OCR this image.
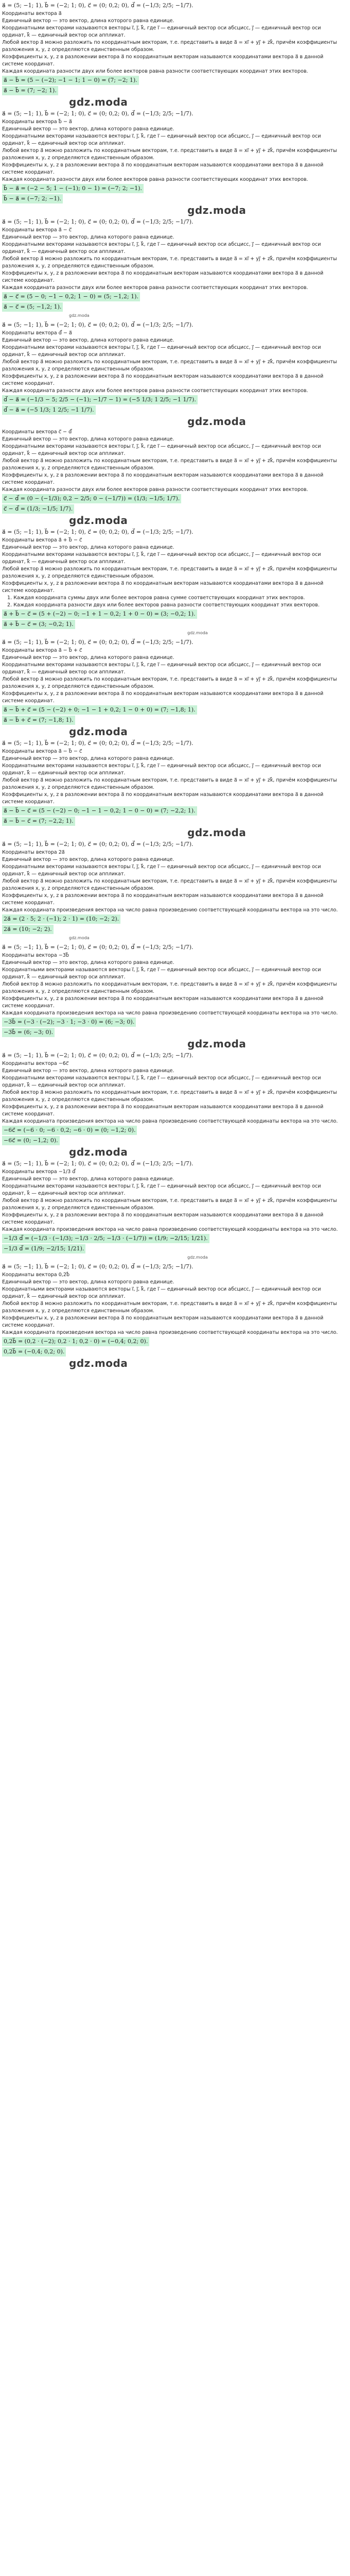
a⃗ = (5; −1; 1), b⃗ = (−2; 1; 0), c⃗ = (0; 0,2; 0), d⃗ = (−1/3; 2/5; −1/7).
Координаты вектора a⃗
Единичный вектор — это вектор, длина которого равна единице.
Координатными векторами называются векторы i⃗, j⃗, k⃗, где i⃗ — единичный вектор оси абсцисс, j⃗ — единичный вектор оси ординат, k⃗ — единичный вектор оси аппликат.
Любой вектор a⃗ можно разложить по координатным векторам, т.е. представить в виде a⃗ = xi⃗ + yj⃗ + zk⃗, причём коэффициенты разложения x, y, z определяются единственным образом.
Коэффициенты x, y, z в разложении вектора a⃗ по координатным векторам называются координатами вектора a⃗ в данной системе координат.
Каждая координата разности двух или более векторов равна разности соответствующих координат этих векторов.
a⃗ − b⃗ = (5 − (−2); −1 − 1; 1 − 0) = (7; −2; 1).
a⃗ − b⃗ = (7; −2; 1).
gdz.moda
a⃗ = (5; −1; 1), b⃗ = (−2; 1; 0), c⃗ = (0; 0,2; 0), d⃗ = (−1/3; 2/5; −1/7).
Координаты вектора b⃗ − a⃗
Единичный вектор — это вектор, длина которого равна единице.
Координатными векторами называются векторы i⃗, j⃗, k⃗, где i⃗ — единичный вектор оси абсцисс, j⃗ — единичный вектор оси ординат, k⃗ — единичный вектор оси аппликат.
Любой вектор a⃗ можно разложить по координатным векторам, т.е. представить в виде a⃗ = xi⃗ + yj⃗ + zk⃗, причём коэффициенты разложения x, y, z определяются единственным образом.
Коэффициенты x, y, z в разложении вектора a⃗ по координатным векторам называются координатами вектора a⃗ в данной системе координат.
Каждая координата разности двух или более векторов равна разности соответствующих координат этих векторов.
b⃗ − a⃗ = (−2 − 5; 1 − (−1); 0 − 1) = (−7; 2; −1).
b⃗ − a⃗ = (−7; 2; −1).
gdz.moda
a⃗ = (5; −1; 1), b⃗ = (−2; 1; 0), c⃗ = (0; 0,2; 0), d⃗ = (−1/3; 2/5; −1/7).
Координаты вектора a⃗ − c⃗
Единичный вектор — это вектор, длина которого равна единице.
Координатными векторами называются векторы i⃗, j⃗, k⃗, где i⃗ — единичный вектор оси абсцисс, j⃗ — единичный вектор оси ординат, k⃗ — единичный вектор оси аппликат.
Любой вектор a⃗ можно разложить по координатным векторам, т.е. представить в виде a⃗ = xi⃗ + yj⃗ + zk⃗, причём коэффициенты разложения x, y, z определяются единственным образом.
Коэффициенты x, y, z в разложении вектора a⃗ по координатным векторам называются координатами вектора a⃗ в данной системе координат.
Каждая координата разности двух или более векторов равна разности соответствующих координат этих векторов.
a⃗ − c⃗ = (5 − 0; −1 − 0,2; 1 − 0) = (5; −1,2; 1).
a⃗ − c⃗ = (5; −1,2; 1).
gdz.moda
a⃗ = (5; −1; 1), b⃗ = (−2; 1; 0), c⃗ = (0; 0,2; 0), d⃗ = (−1/3; 2/5; −1/7).
Координаты вектора d⃗ − a⃗
Единичный вектор — это вектор, длина которого равна единице.
Координатными векторами называются векторы i⃗, j⃗, k⃗, где i⃗ — единичный вектор оси абсцисс, j⃗ — единичный вектор оси ординат, k⃗ — единичный вектор оси аппликат.
Любой вектор a⃗ можно разложить по координатным векторам, т.е. представить в виде a⃗ = xi⃗ + yj⃗ + zk⃗, причём коэффициенты разложения x, y, z определяются единственным образом.
Коэффициенты x, y, z в разложении вектора a⃗ по координатным векторам называются координатами вектора a⃗ в данной системе координат.
Каждая координата разности двух или более векторов равна разности соответствующих координат этих векторов.
d⃗ − a⃗ = (−1/3 − 5; 2/5 − (−1); −1/7 − 1) = (−5 1/3; 1 2/5; −1 1/7).
d⃗ − a⃗ = (−5 1/3; 1 2/5; −1 1/7).
gdz.moda
Координаты вектора c⃗ − d⃗
Единичный вектор — это вектор, длина которого равна единице.
Координатными векторами называются векторы i⃗, j⃗, k⃗, где i⃗ — единичный вектор оси абсцисс, j⃗ — единичный вектор оси ординат, k⃗ — единичный вектор оси аппликат.
Любой вектор a⃗ можно разложить по координатным векторам, т.е. представить в виде a⃗ = xi⃗ + yj⃗ + zk⃗, причём коэффициенты разложения x, y, z определяются единственным образом.
Коэффициенты x, y, z в разложении вектора a⃗ по координатным векторам называются координатами вектора a⃗ в данной системе координат.
Каждая координата разности двух или более векторов равна разности соответствующих координат этих векторов.
c⃗ − d⃗ = (0 − (−1/3); 0,2 − 2/5; 0 − (−1/7)) = (1/3; −1/5; 1/7).
c⃗ − d⃗ = (1/3; −1/5; 1/7).
gdz.moda
a⃗ = (5; −1; 1), b⃗ = (−2; 1; 0), c⃗ = (0; 0,2; 0), d⃗ = (−1/3; 2/5; −1/7).
Координаты вектора a⃗ + b⃗ − c⃗
Единичный вектор — это вектор, длина которого равна единице.
Координатными векторами называются векторы i⃗, j⃗, k⃗, где i⃗ — единичный вектор оси абсцисс, j⃗ — единичный вектор оси ординат, k⃗ — единичный вектор оси аппликат.
Любой вектор a⃗ можно разложить по координатным векторам, т.е. представить в виде a⃗ = xi⃗ + yj⃗ + zk⃗, причём коэффициенты разложения x, y, z определяются единственным образом.
Коэффициенты x, y, z в разложении вектора a⃗ по координатным векторам называются координатами вектора a⃗ в данной системе координат.
1. Каждая координата суммы двух или более векторов равна сумме соответствующих координат этих векторов.
2. Каждая координата разности двух или более векторов равна разности соответствующих координат этих векторов.
a⃗ + b⃗ − c⃗ = (5 + (−2) − 0; −1 + 1 − 0,2; 1 + 0 − 0) = (3; −0,2; 1).
a⃗ + b⃗ − c⃗ = (3; −0,2; 1).
gdz.moda
a⃗ = (5; −1; 1), b⃗ = (−2; 1; 0), c⃗ = (0; 0,2; 0), d⃗ = (−1/3; 2/5; −1/7).
Координаты вектора a⃗ − b⃗ + c⃗
Единичный вектор — это вектор, длина которого равна единице.
Координатными векторами называются векторы i⃗, j⃗, k⃗, где i⃗ — единичный вектор оси абсцисс, j⃗ — единичный вектор оси ординат, k⃗ — единичный вектор оси аппликат.
Любой вектор a⃗ можно разложить по координатным векторам, т.е. представить в виде a⃗ = xi⃗ + yj⃗ + zk⃗, причём коэффициенты разложения x, y, z определяются единственным образом.
Коэффициенты x, y, z в разложении вектора a⃗ по координатным векторам называются координатами вектора a⃗ в данной системе координат.
a⃗ − b⃗ + c⃗ = (5 − (−2) + 0; −1 − 1 + 0,2; 1 − 0 + 0) = (7; −1,8; 1).
a⃗ − b⃗ + c⃗ = (7; −1,8; 1).
gdz.moda
a⃗ = (5; −1; 1), b⃗ = (−2; 1; 0), c⃗ = (0; 0,2; 0), d⃗ = (−1/3; 2/5; −1/7).
Координаты вектора a⃗ − b⃗ − c⃗
Единичный вектор — это вектор, длина которого равна единице.
Координатными векторами называются векторы i⃗, j⃗, k⃗, где i⃗ — единичный вектор оси абсцисс, j⃗ — единичный вектор оси ординат, k⃗ — единичный вектор оси аппликат.
Любой вектор a⃗ можно разложить по координатным векторам, т.е. представить в виде a⃗ = xi⃗ + yj⃗ + zk⃗, причём коэффициенты разложения x, y, z определяются единственным образом.
Коэффициенты x, y, z в разложении вектора a⃗ по координатным векторам называются координатами вектора a⃗ в данной системе координат.
a⃗ − b⃗ − c⃗ = (5 − (−2) − 0; −1 − 1 − 0,2; 1 − 0 − 0) = (7; −2,2; 1).
a⃗ − b⃗ − c⃗ = (7; −2,2; 1).
gdz.moda
a⃗ = (5; −1; 1), b⃗ = (−2; 1; 0), c⃗ = (0; 0,2; 0), d⃗ = (−1/3; 2/5; −1/7).
Координаты вектора 2a⃗
Единичный вектор — это вектор, длина которого равна единице.
Координатными векторами называются векторы i⃗, j⃗, k⃗, где i⃗ — единичный вектор оси абсцисс, j⃗ — единичный вектор оси ординат, k⃗ — единичный вектор оси аппликат.
Любой вектор a⃗ можно разложить по координатным векторам, т.е. представить в виде a⃗ = xi⃗ + yj⃗ + zk⃗, причём коэффициенты разложения x, y, z определяются единственным образом.
Коэффициенты x, y, z в разложении вектора a⃗ по координатным векторам называются координатами вектора a⃗ в данной системе координат.
Каждая координата произведения вектора на число равна произведению соответствующей координаты вектора на это число.
2a⃗ = (2 · 5; 2 · (−1); 2 · 1) = (10; −2; 2).
2a⃗ = (10; −2; 2).
gdz.moda
a⃗ = (5; −1; 1), b⃗ = (−2; 1; 0), c⃗ = (0; 0,2; 0), d⃗ = (−1/3; 2/5; −1/7).
Координаты вектора −3b⃗
Единичный вектор — это вектор, длина которого равна единице.
Координатными векторами называются векторы i⃗, j⃗, k⃗, где i⃗ — единичный вектор оси абсцисс, j⃗ — единичный вектор оси ординат, k⃗ — единичный вектор оси аппликат.
Любой вектор a⃗ можно разложить по координатным векторам, т.е. представить в виде a⃗ = xi⃗ + yj⃗ + zk⃗, причём коэффициенты разложения x, y, z определяются единственным образом.
Коэффициенты x, y, z в разложении вектора a⃗ по координатным векторам называются координатами вектора a⃗ в данной системе координат.
Каждая координата произведения вектора на число равна произведению соответствующей координаты вектора на это число.
−3b⃗ = (−3 · (−2); −3 · 1; −3 · 0) = (6; −3; 0).
−3b⃗ = (6; −3; 0).
gdz.moda
a⃗ = (5; −1; 1), b⃗ = (−2; 1; 0), c⃗ = (0; 0,2; 0), d⃗ = (−1/3; 2/5; −1/7).
Координаты вектора −6c⃗
Единичный вектор — это вектор, длина которого равна единице.
Координатными векторами называются векторы i⃗, j⃗, k⃗, где i⃗ — единичный вектор оси абсцисс, j⃗ — единичный вектор оси ординат, k⃗ — единичный вектор оси аппликат.
Любой вектор a⃗ можно разложить по координатным векторам, т.е. представить в виде a⃗ = xi⃗ + yj⃗ + zk⃗, причём коэффициенты разложения x, y, z определяются единственным образом.
Коэффициенты x, y, z в разложении вектора a⃗ по координатным векторам называются координатами вектора a⃗ в данной системе координат.
Каждая координата произведения вектора на число равна произведению соответствующей координаты вектора на это число.
−6c⃗ = (−6 · 0; −6 · 0,2; −6 · 0) = (0; −1,2; 0).
−6c⃗ = (0; −1,2; 0).
gdz.moda
a⃗ = (5; −1; 1), b⃗ = (−2; 1; 0), c⃗ = (0; 0,2; 0), d⃗ = (−1/3; 2/5; −1/7).
Координаты вектора −1/3 d⃗
Единичный вектор — это вектор, длина которого равна единице.
Координатными векторами называются векторы i⃗, j⃗, k⃗, где i⃗ — единичный вектор оси абсцисс, j⃗ — единичный вектор оси ординат, k⃗ — единичный вектор оси аппликат.
Любой вектор a⃗ можно разложить по координатным векторам, т.е. представить в виде a⃗ = xi⃗ + yj⃗ + zk⃗, причём коэффициенты разложения x, y, z определяются единственным образом.
Коэффициенты x, y, z в разложении вектора a⃗ по координатным векторам называются координатами вектора a⃗ в данной системе координат.
Каждая координата произведения вектора на число равна произведению соответствующей координаты вектора на это число.
−1/3 d⃗ = (−1/3 · (−1/3); −1/3 · 2/5; −1/3 · (−1/7)) = (1/9; −2/15; 1/21).
−1/3 d⃗ = (1/9; −2/15; 1/21).
gdz.moda
a⃗ = (5; −1; 1), b⃗ = (−2; 1; 0), c⃗ = (0; 0,2; 0), d⃗ = (−1/3; 2/5; −1/7).
Координаты вектора 0,2b⃗
Единичный вектор — это вектор, длина которого равна единице.
Координатными векторами называются векторы i⃗, j⃗, k⃗, где i⃗ — единичный вектор оси абсцисс, j⃗ — единичный вектор оси ординат, k⃗ — единичный вектор оси аппликат.
Любой вектор a⃗ можно разложить по координатным векторам, т.е. представить в виде a⃗ = xi⃗ + yj⃗ + zk⃗, причём коэффициенты разложения x, y, z определяются единственным образом.
Коэффициенты x, y, z в разложении вектора a⃗ по координатным векторам называются координатами вектора a⃗ в данной системе координат.
Каждая координата произведения вектора на число равна произведению соответствующей координаты вектора на это число.
0,2b⃗ = (0,2 · (−2); 0,2 · 1; 0,2 · 0) = (−0,4; 0,2; 0).
0,2b⃗ = (−0,4; 0,2; 0).
gdz.moda
